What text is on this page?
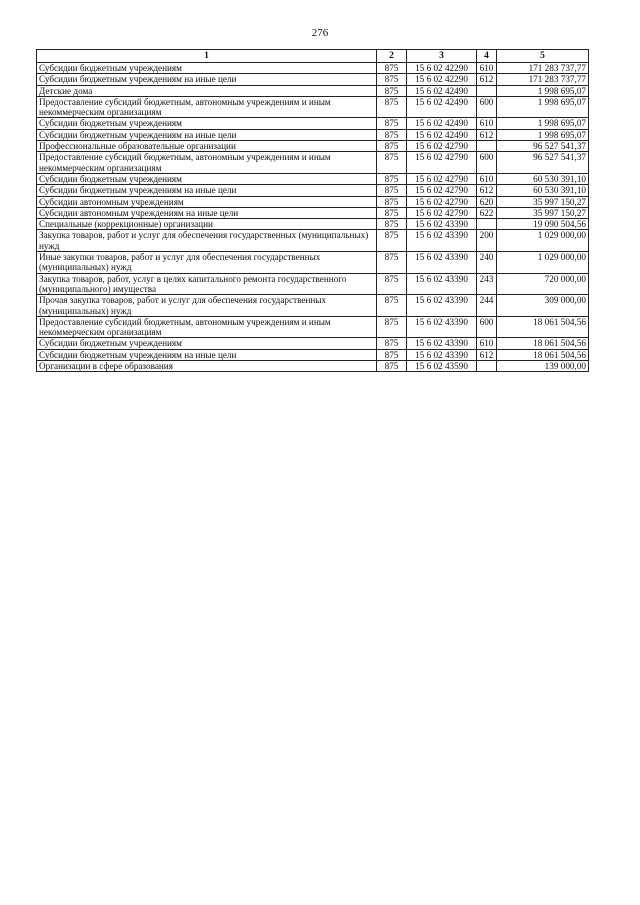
276
1	2	3	4	5
Субсидии бюджетным учреждениям	875	15 6 02 42290	610	171 283 737,77
Субсидии бюджетным учреждениям на иные цели	875	15 6 02 42290	612	171 283 737,77
Детские дома	875	15 6 02 42490		1 998 695,07
Предоставление субсидий бюджетным, автономным учреждениям и иным некоммерческим организациям	875	15 6 02 42490	600	1 998 695,07
Субсидии бюджетным учреждениям	875	15 6 02 42490	610	1 998 695,07
Субсидии бюджетным учреждениям на иные цели	875	15 6 02 42490	612	1 998 695,07
Профессиональные образовательные организации	875	15 6 02 42790		96 527 541,37
Предоставление субсидий бюджетным, автономным учреждениям и иным некоммерческим организациям	875	15 6 02 42790	600	96 527 541,37
Субсидии бюджетным учреждениям	875	15 6 02 42790	610	60 530 391,10
Субсидии бюджетным учреждениям на иные цели	875	15 6 02 42790	612	60 530 391,10
Субсидии автономным учреждениям	875	15 6 02 42790	620	35 997 150,27
Субсидии автономным учреждениям на иные цели	875	15 6 02 42790	622	35 997 150,27
Специальные (коррекционные) организации	875	15 6 02 43390		19 090 504,56
Закупка товаров, работ и услуг для обеспечения государственных (муниципальных) нужд	875	15 6 02 43390	200	1 029 000,00
Иные закупки товаров, работ и услуг для обеспечения государственных (муниципальных) нужд	875	15 6 02 43390	240	1 029 000,00
Закупка товаров, работ, услуг в целях капитального ремонта государственного (муниципального) имущества	875	15 6 02 43390	243	720 000,00
Прочая закупка товаров, работ и услуг для обеспечения государственных (муниципальных) нужд	875	15 6 02 43390	244	309 000,00
Предоставление субсидий бюджетным, автономным учреждениям и иным некоммерческим организациям	875	15 6 02 43390	600	18 061 504,56
Субсидии бюджетным учреждениям	875	15 6 02 43390	610	18 061 504,56
Субсидии бюджетным учреждениям на иные цели	875	15 6 02 43390	612	18 061 504,56
Организации в сфере образования	875	15 6 02 43590		139 000,00
